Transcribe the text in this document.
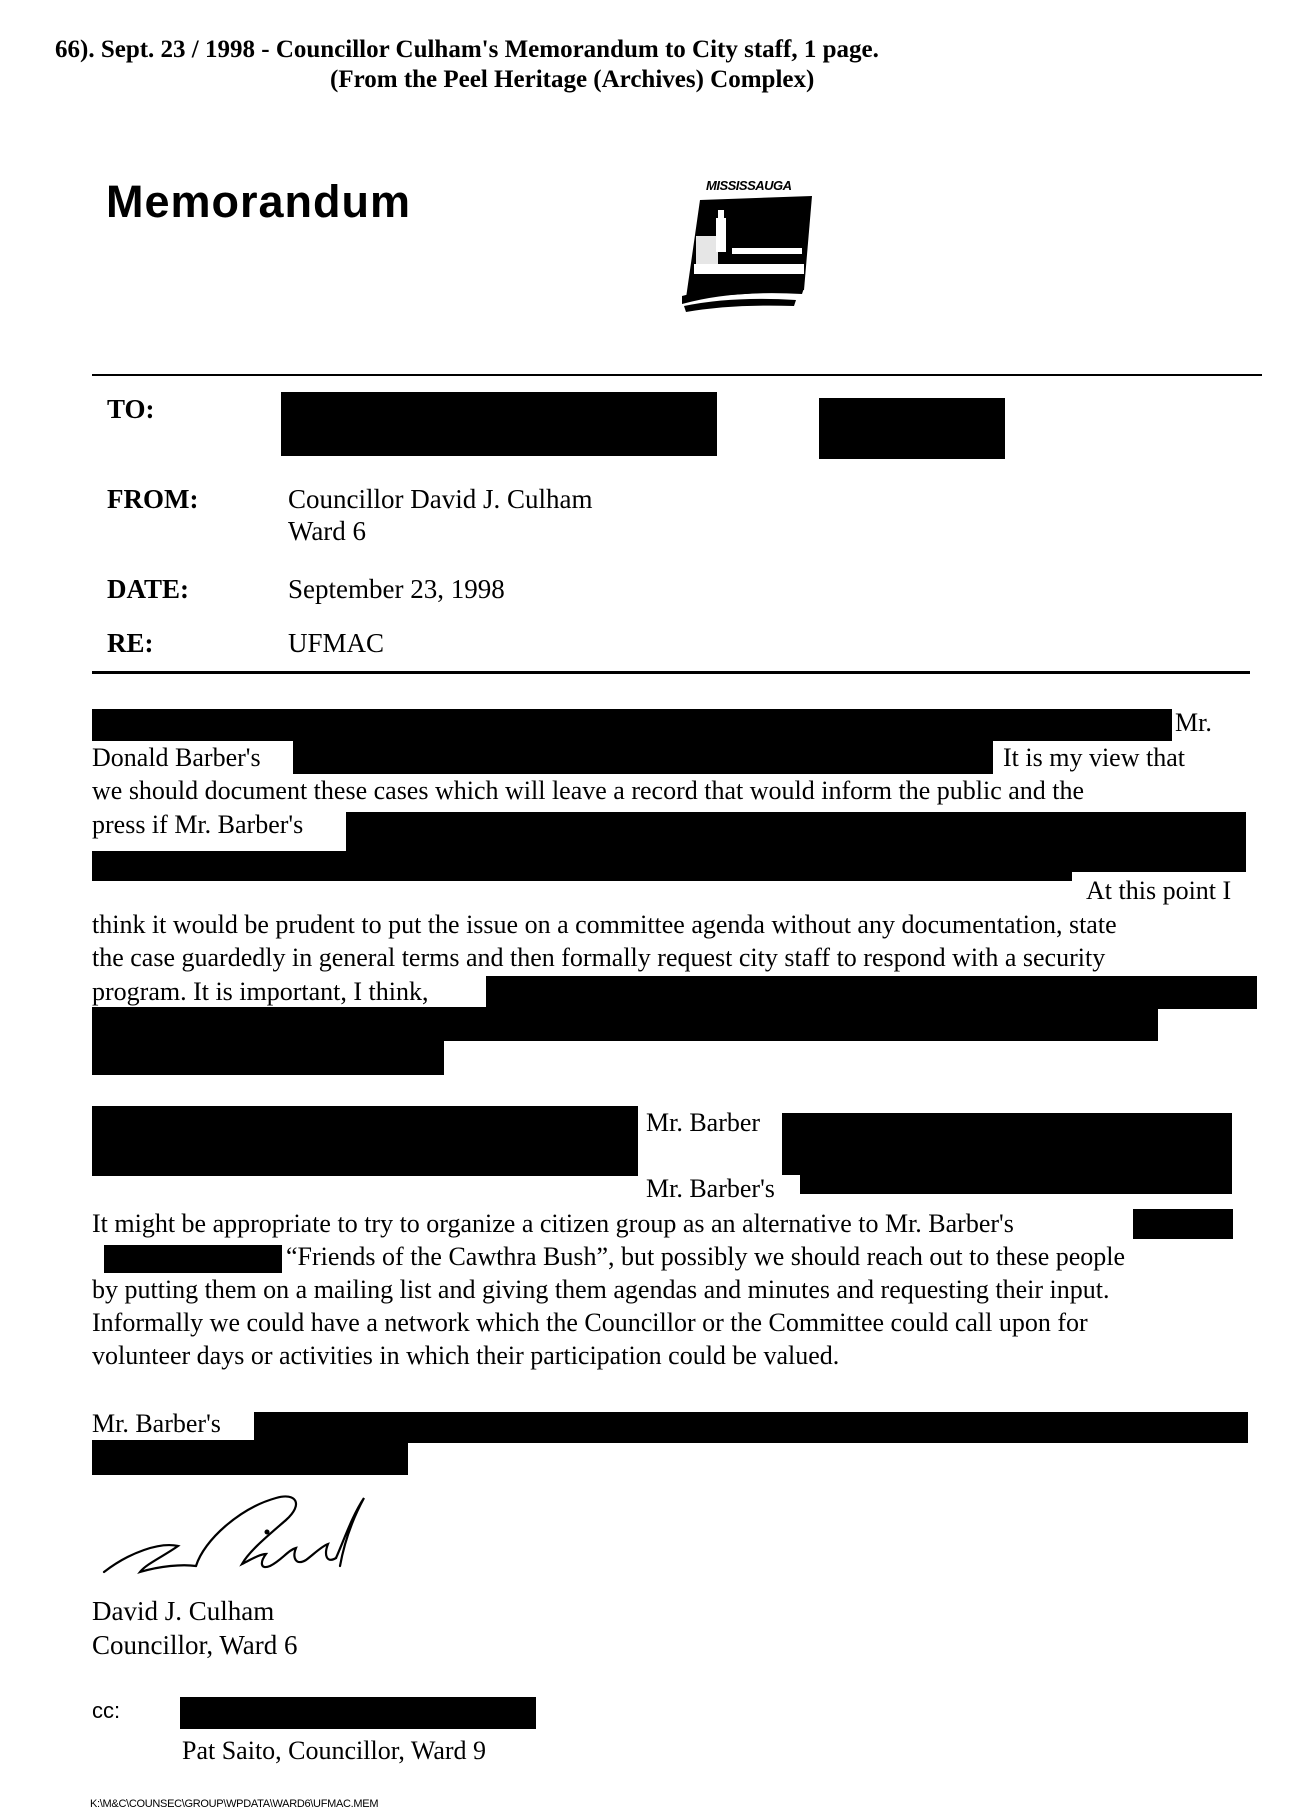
66). Sept. 23 / 1998 - Councillor Culham's Memorandum to City staff, 1 page.
(From the Peel Heritage (Archives) Complex)
Memorandum	MISSISSAUGA
TO:
FROM:	Councillor David J. Culham
Ward 6
DATE:	September 23, 1998
RE:	UFMAC
Mr.
Donald Barber's	It is my view that
we should document these cases which will leave a record that would inform the public and the
press if Mr. Barber's
At this point I
think it would be prudent to put the issue on a committee agenda without any documentation, state
the case guardedly in general terms and then formally request city staff to respond with a security
program. It is important, I think,
Mr. Barber
Mr. Barber's
It might be appropriate to try to organize a citizen group as an alternative to Mr. Barber's
“Friends of the Cawthra Bush”, but possibly we should reach out to these people
by putting them on a mailing list and giving them agendas and minutes and requesting their input.
Informally we could have a network which the Councillor or the Committee could call upon for
volunteer days or activities in which their participation could be valued.
Mr. Barber's
David J. Culham
Councillor, Ward 6
cc:
Pat Saito, Councillor, Ward 9
K:\M&C\COUNSEC\GROUP\WPDATA\WARD6\UFMAC.MEM
